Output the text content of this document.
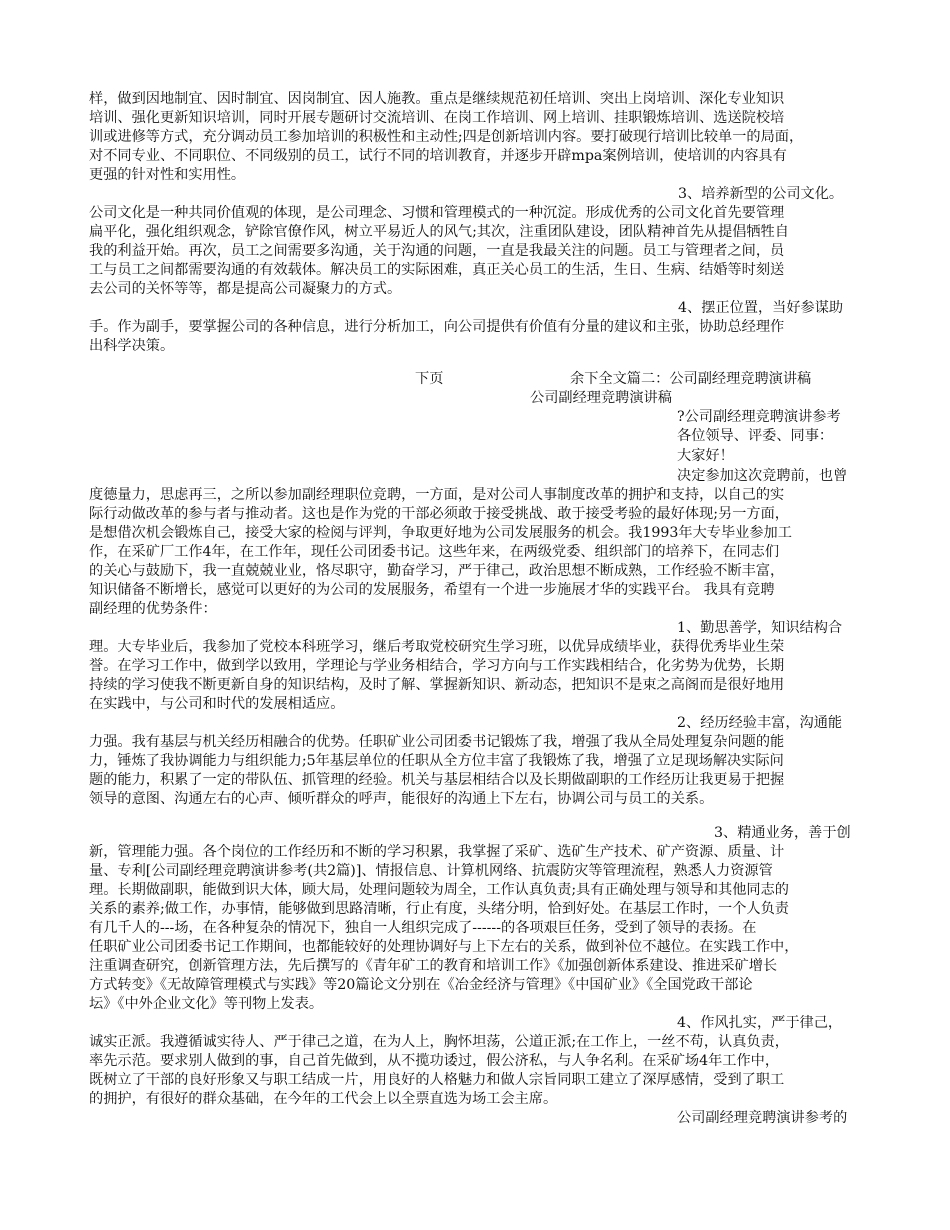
样，做到因地制宜、因时制宜、因岗制宜、因人施教。重点是继续规范初任培训、突出上岗培训、深化专业知识
培训、强化更新知识培训，同时开展专题研讨交流培训、在岗工作培训、网上培训、挂职锻炼培训、选送院校培
训或进修等方式，充分调动员工参加培训的积极性和主动性;四是创新培训内容。要打破现行培训比较单一的局面，
对不同专业、不同职位、不同级别的员工，试行不同的培训教育，并逐步开辟mpa案例培训，使培训的内容具有
更强的针对性和实用性。
3、培养新型的公司文化。
公司文化是一种共同价值观的体现，是公司理念、习惯和管理模式的一种沉淀。形成优秀的公司文化首先要管理
扁平化，强化组织观念，铲除官僚作风，树立平易近人的风气;其次，注重团队建设，团队精神首先从提倡牺牲自
我的利益开始。再次，员工之间需要多沟通，关于沟通的问题，一直是我最关注的问题。员工与管理者之间，员
工与员工之间都需要沟通的有效载体。解决员工的实际困难，真正关心员工的生活，生日、生病、结婚等时刻送
去公司的关怀等等，都是提高公司凝聚力的方式。
4、摆正位置，当好参谋助
手。作为副手，要掌握公司的各种信息，进行分析加工，向公司提供有价值有分量的建议和主张，协助总经理作
出科学决策。
下页	余下全文篇二：公司副经理竞聘演讲稿
公司副经理竞聘演讲稿
?公司副经理竞聘演讲参考
各位领导、评委、同事：
大家好！
决定参加这次竞聘前，也曾
度德量力，思虑再三，之所以参加副经理职位竞聘，一方面，是对公司人事制度改革的拥护和支持，以自己的实
际行动做改革的参与者与推动者。这也是作为党的干部必须敢于接受挑战、敢于接受考验的最好体现;另一方面，
是想借次机会锻炼自己，接受大家的检阅与评判，争取更好地为公司发展服务的机会。我1993年大专毕业参加工
作，在采矿厂工作4年，在工作年，现任公司团委书记。这些年来，在两级党委、组织部门的培养下，在同志们
的关心与鼓励下，我一直兢兢业业，恪尽职守，勤奋学习，严于律己，政治思想不断成熟，工作经验不断丰富，
知识储备不断增长，感觉可以更好的为公司的发展服务，希望有一个进一步施展才华的实践平台。 我具有竞聘
副经理的优势条件：
1、勤思善学，知识结构合
理。大专毕业后，我参加了党校本科班学习，继后考取党校研究生学习班，以优异成绩毕业，获得优秀毕业生荣
誉。在学习工作中，做到学以致用，学理论与学业务相结合，学习方向与工作实践相结合，化劣势为优势，长期
持续的学习使我不断更新自身的知识结构，及时了解、掌握新知识、新动态，把知识不是束之高阁而是很好地用
在实践中，与公司和时代的发展相适应。
2、经历经验丰富，沟通能
力强。我有基层与机关经历相融合的优势。任职矿业公司团委书记锻炼了我，增强了我从全局处理复杂问题的能
力，锤炼了我协调能力与组织能力;5年基层单位的任职从全方位丰富了我锻炼了我，增强了立足现场解决实际问
题的能力，积累了一定的带队伍、抓管理的经验。机关与基层相结合以及长期做副职的工作经历让我更易于把握
领导的意图、沟通左右的心声、倾听群众的呼声，能很好的沟通上下左右，协调公司与员工的关系。
3、精通业务，善于创
新，管理能力强。各个岗位的工作经历和不断的学习积累，我掌握了采矿、选矿生产技术、矿产资源、质量、计
量、专利[公司副经理竞聘演讲参考(共2篇)]、情报信息、计算机网络、抗震防灾等管理流程，熟悉人力资源管
理。长期做副职，能做到识大体，顾大局，处理问题较为周全，工作认真负责;具有正确处理与领导和其他同志的
关系的素养;做工作，办事情，能够做到思路清晰，行止有度，头绪分明，恰到好处。在基层工作时，一个人负责
有几千人的---场，在各种复杂的情况下，独自一人组织完成了------的各项艰巨任务，受到了领导的表扬。在
任职矿业公司团委书记工作期间，也都能较好的处理协调好与上下左右的关系，做到补位不越位。在实践工作中，
注重调查研究，创新管理方法，先后撰写的《青年矿工的教育和培训工作》《加强创新体系建设、推进采矿增长
方式转变》《无故障管理模式与实践》等20篇论文分别在《冶金经济与管理》《中国矿业》《全国党政干部论
坛》《中外企业文化》等刊物上发表。
4、作风扎实，严于律己，
诚实正派。我遵循诚实待人、严于律己之道，在为人上，胸怀坦荡，公道正派;在工作上，一丝不苟，认真负责，
率先示范。要求别人做到的事，自己首先做到，从不揽功诿过，假公济私，与人争名利。在采矿场4年工作中，
既树立了干部的良好形象又与职工结成一片，用良好的人格魅力和做人宗旨同职工建立了深厚感情，受到了职工
的拥护，有很好的群众基础，在今年的工代会上以全票直选为场工会主席。
公司副经理竞聘演讲参考的
